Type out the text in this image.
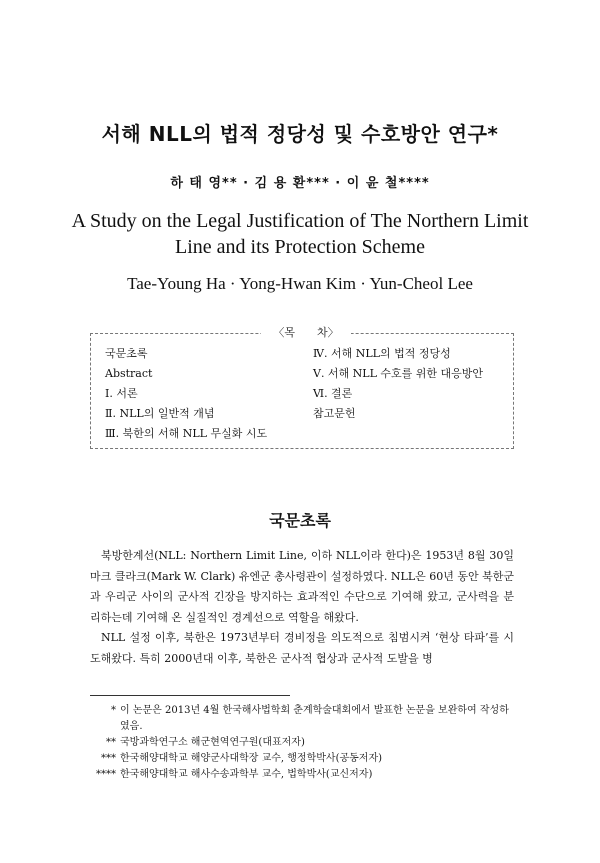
서해 NLL의 법적 정당성 및 수호방안 연구*
하 태 영** · 김 용 환*** · 이 윤 철****
A Study on the Legal Justification of The Northern Limit Line and its Protection Scheme
Tae-Young Ha · Yong-Hwan Kim · Yun-Cheol Lee
〈목　　차〉
국문초록
Abstract
Ⅰ. 서론
Ⅱ. NLL의 일반적 개념
Ⅲ. 북한의 서해 NLL 무실화 시도
Ⅳ. 서해 NLL의 법적 정당성
Ⅴ. 서해 NLL 수호를 위한 대응방안
Ⅵ. 결론
참고문헌
국문초록

북방한계선(NLL: Northern Limit Line, 이하 NLL이라 한다)은 1953년 8월 30일 마크 클라크(Mark W. Clark) 유엔군 총사령관이 설정하였다. NLL은 60년 동안 북한군과 우리군 사이의 군사적 긴장을 방지하는 효과적인 수단으로 기여해 왔고, 군사력을 분리하는데 기여해 온 실질적인 경계선으로 역할을 해왔다.

NLL 설정 이후, 북한은 1973년부터 경비정을 의도적으로 침범시켜 ‘현상 타파’를 시도해왔다. 특히 2000년대 이후, 북한은 군사적 협상과 군사적 도발을 병

* 이 논문은 2013년 4월 한국해사법학회 춘계학술대회에서 발표한 논문을 보완하여 작성하였음.
** 국방과학연구소 해군현역연구원(대표저자)
*** 한국해양대학교 해양군사대학장 교수, 행정학박사(공동저자)
**** 한국해양대학교 해사수송과학부 교수, 법학박사(교신저자)
